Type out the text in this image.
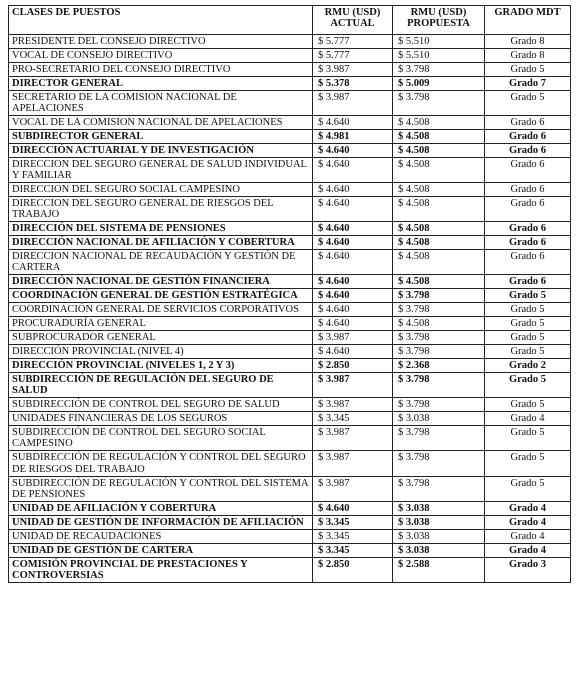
CLASES DE PUESTOS	RMU (USD) ACTUAL	RMU (USD) PROPUESTA	GRADO MDT
PRESIDENTE DEL CONSEJO DIRECTIVO	$ 5.777	$ 5.510	Grado 8
VOCAL DE CONSEJO DIRECTIVO	$ 5.777	$ 5.510	Grado 8
PRO-SECRETARIO DEL CONSEJO DIRECTIVO	$ 3.987	$ 3.798	Grado 5
DIRECTOR GENERAL	$ 5.378	$ 5.009	Grado 7
SECRETARIO DE LA COMISION NACIONAL DE APELACIONES	$ 3.987	$ 3.798	Grado 5
VOCAL DE LA COMISION NACIONAL DE APELACIONES	$ 4.640	$ 4.508	Grado 6
SUBDIRECTOR GENERAL	$ 4.981	$ 4.508	Grado 6
DIRECCIÓN ACTUARIAL Y DE INVESTIGACIÓN	$ 4.640	$ 4.508	Grado 6
DIRECCION DEL SEGURO GENERAL DE SALUD INDIVIDUAL Y FAMILIAR	$ 4.640	$ 4.508	Grado 6
DIRECCION DEL SEGURO SOCIAL CAMPESINO	$ 4.640	$ 4.508	Grado 6
DIRECCION DEL SEGURO GENERAL DE RIESGOS DEL TRABAJO	$ 4.640	$ 4.508	Grado 6
DIRECCIÓN DEL SISTEMA DE PENSIONES	$ 4.640	$ 4.508	Grado 6
DIRECCIÓN NACIONAL DE AFILIACIÓN Y COBERTURA	$ 4.640	$ 4.508	Grado 6
DIRECCION NACIONAL DE RECAUDACIÓN Y GESTIÓN DE CARTERA	$ 4.640	$ 4.508	Grado 6
DIRECCIÓN NACIONAL DE GESTIÓN FINANCIERA	$ 4.640	$ 4.508	Grado 6
COORDINACIÓN GENERAL DE GESTIÓN ESTRATÉGICA	$ 4.640	$ 3.798	Grado 5
COORDINACIÓN GENERAL DE SERVICIOS CORPORATIVOS	$ 4.640	$ 3.798	Grado 5
PROCURADURÍA GENERAL	$ 4.640	$ 4.508	Grado 5
SUBPROCURADOR GENERAL	$ 3.987	$ 3.798	Grado 5
DIRECCIÓN PROVINCIAL (NIVEL 4)	$ 4.640	$ 3.798	Grado 5
DIRECCIÓN PROVINCIAL (NIVELES 1, 2 Y 3)	$ 2.850	$ 2.368	Grado 2
SUBDIRECCIÓN DE REGULACIÓN DEL SEGURO DE SALUD	$ 3.987	$ 3.798	Grado 5
SUBDIRECCIÓN DE CONTROL DEL SEGURO DE SALUD	$ 3.987	$ 3.798	Grado 5
UNIDADES FINANCIERAS DE LOS SEGUROS	$ 3.345	$ 3.038	Grado 4
SUBDIRECCIÓN DE CONTROL DEL SEGURO SOCIAL CAMPESINO	$ 3.987	$ 3.798	Grado 5
SUBDIRECCIÓN DE REGULACIÓN Y CONTROL DEL SEGURO DE RIESGOS DEL TRABAJO	$ 3.987	$ 3.798	Grado 5
SUBDIRECCIÓN DE REGULACIÓN Y CONTROL DEL SISTEMA DE PENSIONES	$ 3.987	$ 3.798	Grado 5
UNIDAD DE AFILIACIÓN Y COBERTURA	$ 4.640	$ 3.038	Grado 4
UNIDAD DE GESTIÓN DE INFORMACIÓN DE AFILIACIÓN	$ 3.345	$ 3.038	Grado 4
UNIDAD DE RECAUDACIONES	$ 3.345	$ 3.038	Grado 4
UNIDAD DE GESTIÓN DE CARTERA	$ 3.345	$ 3.038	Grado 4
COMISIÓN PROVINCIAL DE PRESTACIONES Y CONTROVERSIAS	$ 2.850	$ 2.588	Grado 3
